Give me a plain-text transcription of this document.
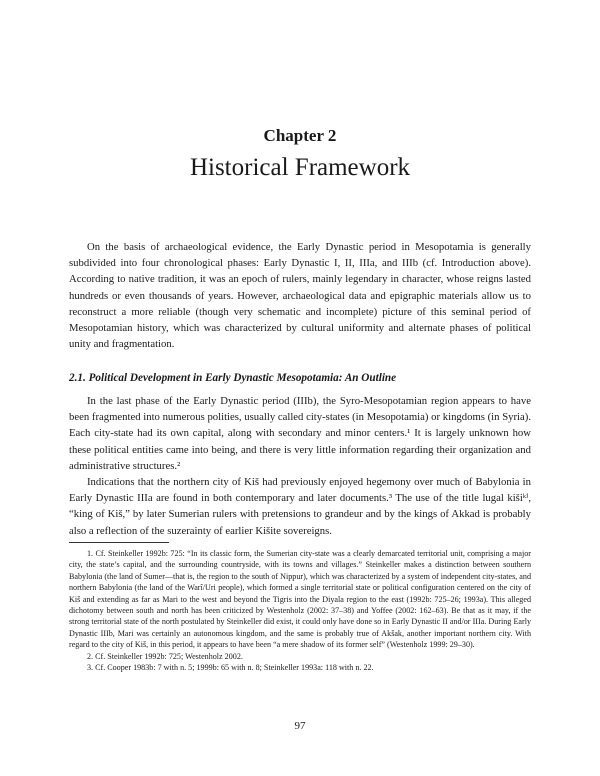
Chapter 2
Historical Framework

On the basis of archaeological evidence, the Early Dynastic period in Mesopotamia is generally subdivided into four chronological phases: Early Dynastic I, II, IIIa, and IIIb (cf. Introduction above). According to native tradition, it was an epoch of rulers, mainly legendary in character, whose reigns lasted hundreds or even thousands of years. However, archaeological data and epigraphic materials allow us to reconstruct a more reliable (though very schematic and incomplete) picture of this seminal period of Mesopotamian history, which was characterized by cultural uniformity and alternate phases of political unity and fragmentation.

2.1. Political Development in Early Dynastic Mesopotamia: An Outline

In the last phase of the Early Dynastic period (IIIb), the Syro-Mesopotamian region appears to have been fragmented into numerous polities, usually called city-states (in Mesopotamia) or kingdoms (in Syria). Each city-state had its own capital, along with secondary and minor centers.¹ It is largely unknown how these political entities came into being, and there is very little information regarding their organization and administrative structures.²

Indications that the northern city of Kiš had previously enjoyed hegemony over much of Babylonia in Early Dynastic IIIa are found in both contemporary and later documents.³ The use of the title lugal kišiᵏⁱ, “king of Kiš,” by later Sumerian rulers with pretensions to grandeur and by the kings of Akkad is probably also a reflection of the suzerainty of earlier Kišite sovereigns.

1. Cf. Steinkeller 1992b: 725: “In its classic form, the Sumerian city-state was a clearly demarcated territorial unit, comprising a major city, the state’s capital, and the surrounding countryside, with its towns and villages.” Steinkeller makes a distinction between southern Babylonia (the land of Sumer—that is, the region to the south of Nippur), which was characterized by a system of independent city-states, and northern Babylonia (the land of the Warî/Uri people), which formed a single territorial state or political configuration centered on the city of Kiš and extending as far as Mari to the west and beyond the Tigris into the Diyala region to the east (1992b: 725–26; 1993a). This alleged dichotomy between south and north has been criticized by Westenholz (2002: 37–38) and Yoffee (2002: 162–63). Be that as it may, if the strong territorial state of the north postulated by Steinkeller did exist, it could only have done so in Early Dynastic II and/or IIIa. During Early Dynastic IIIb, Mari was certainly an autonomous kingdom, and the same is probably true of Akšak, another important northern city. With regard to the city of Kiš, in this period, it appears to have been “a mere shadow of its former self” (Westenholz 1999: 29–30).

2. Cf. Steinkeller 1992b: 725; Westenholz 2002.

3. Cf. Cooper 1983b: 7 with n. 5; 1999b: 65 with n. 8; Steinkeller 1993a: 118 with n. 22.

97
